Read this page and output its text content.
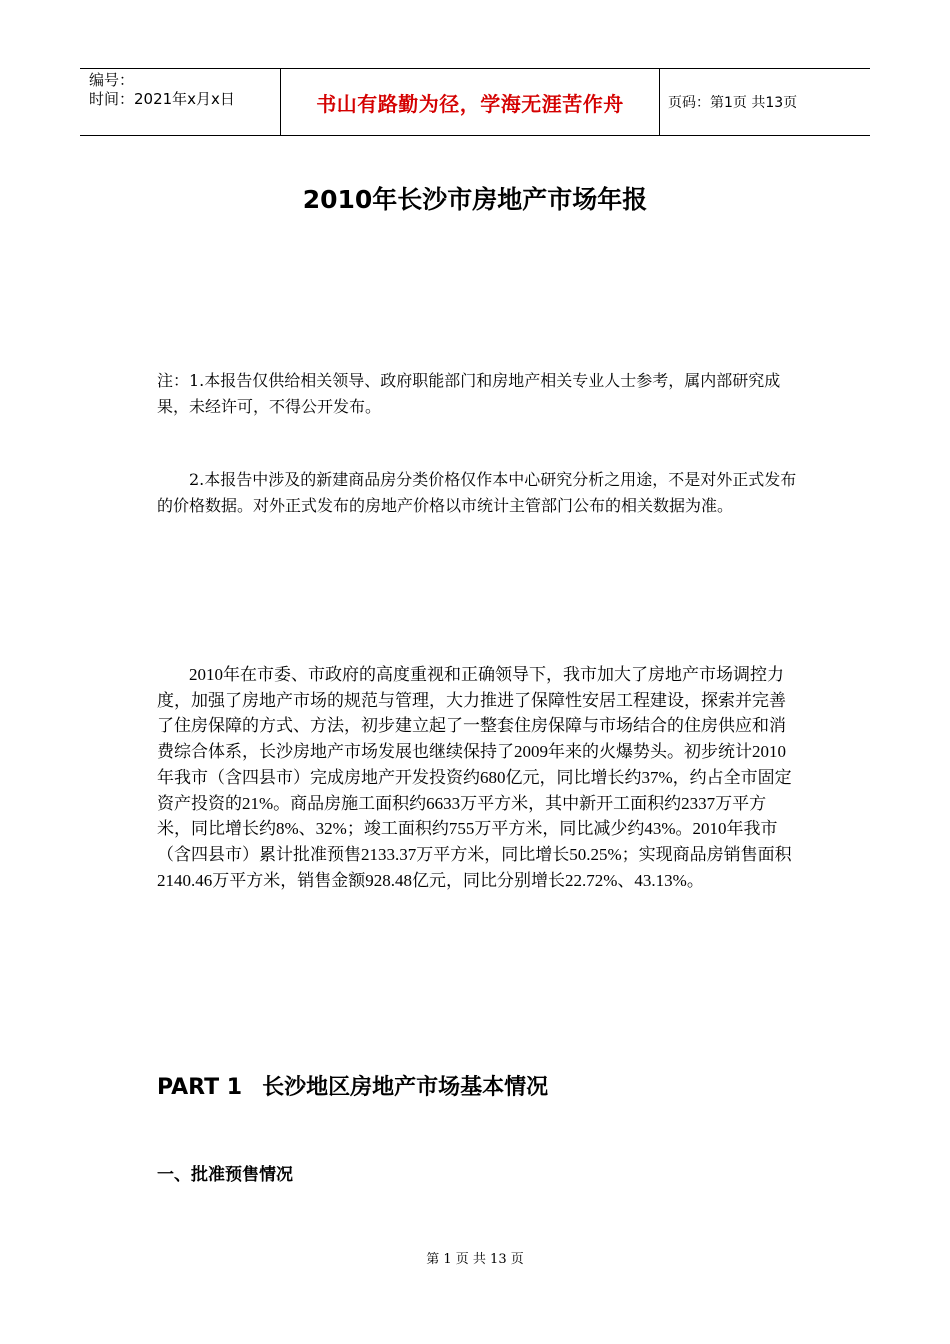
编号：
时间：2021年x月x日	书山有路勤为径，学海无涯苦作舟	页码：第1页 共13页
2010年长沙市房地产市场年报

注：1.本报告仅供给相关领导、政府职能部门和房地产相关专业人士参考，属内部研究成果，未经许可，不得公开发布。

2.本报告中涉及的新建商品房分类价格仅作本中心研究分析之用途，不是对外正式发布的价格数据。对外正式发布的房地产价格以市统计主管部门公布的相关数据为准。

2010年在市委、市政府的高度重视和正确领导下，我市加大了房地产市场调控力度，加强了房地产市场的规范与管理，大力推进了保障性安居工程建设，探索并完善了住房保障的方式、方法，初步建立起了一整套住房保障与市场结合的住房供应和消费综合体系，长沙房地产市场发展也继续保持了2009年来的火爆势头。初步统计2010年我市（含四县市）完成房地产开发投资约680亿元，同比增长约37%，约占全市固定资产投资的21%。商品房施工面积约6633万平方米，其中新开工面积约2337万平方米，同比增长约8%、32%；竣工面积约755万平方米，同比减少约43%。2010年我市（含四县市）累计批准预售2133.37万平方米，同比增长50.25%；实现商品房销售面积2140.46万平方米，销售金额928.48亿元，同比分别增长22.72%、43.13%。

PART 1 长沙地区房地产市场基本情况
一、批准预售情况
第 1 页 共 13 页
